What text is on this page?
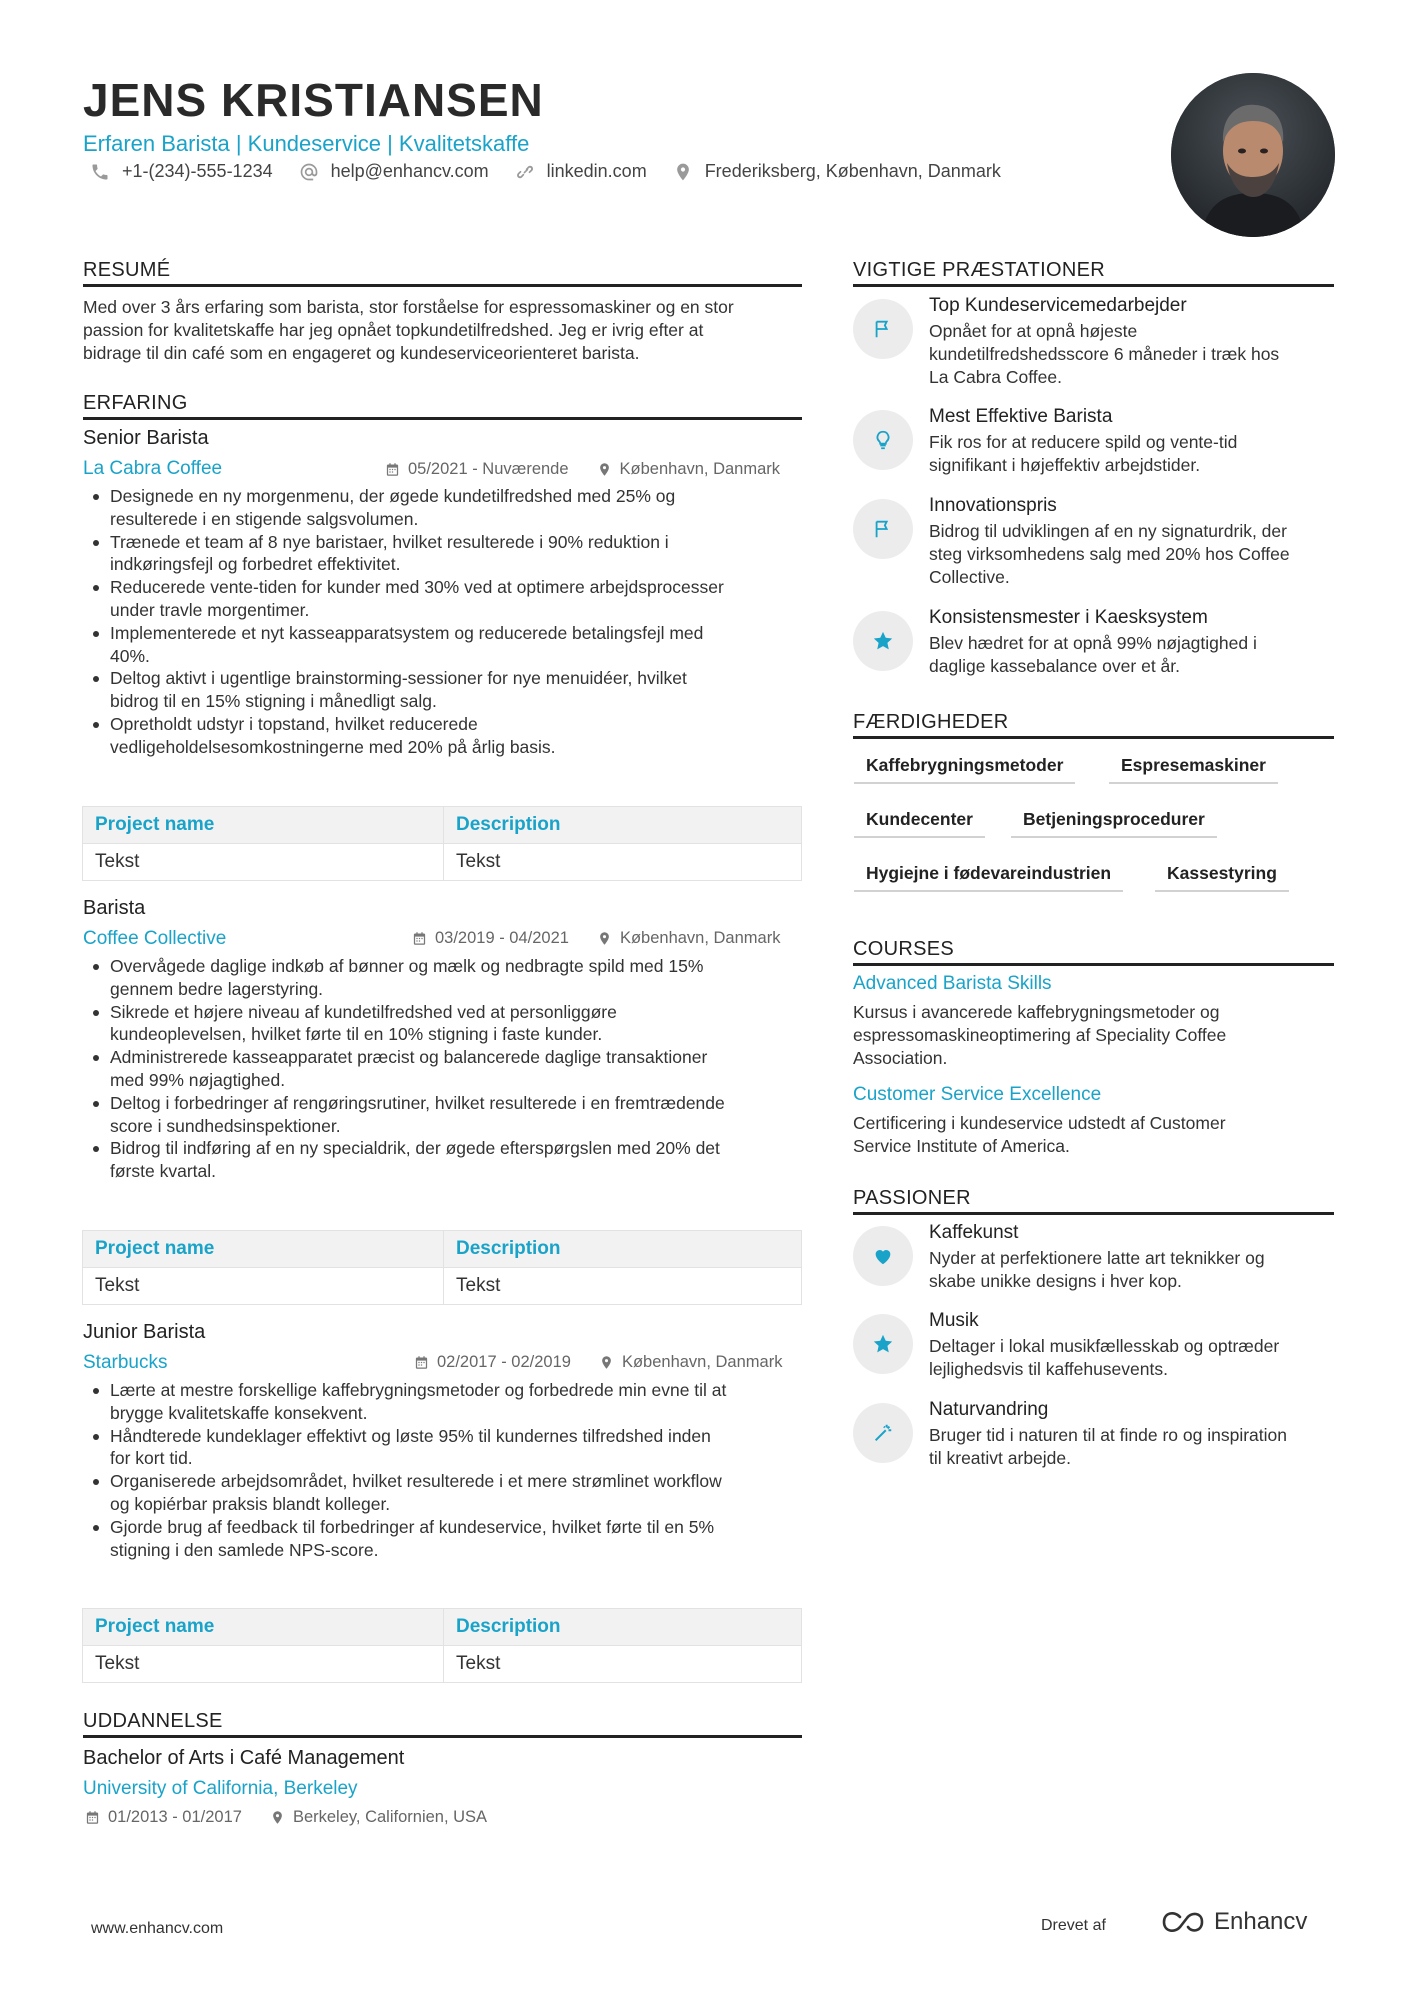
JENS KRISTIANSEN
Erfaren Barista | Kundeservice | Kvalitetskaffe
+1-(234)-555-1234	help@enhancv.com	linkedin.com	Frederiksberg, København, Danmark
RESUMÉ
Med over 3 års erfaring som barista, stor forståelse for espressomaskiner og en stor
passion for kvalitetskaffe har jeg opnået topkundetilfredshed. Jeg er ivrig efter at
bidrage til din café som en engageret og kundeserviceorienteret barista.
ERFARING
Senior Barista
La Cabra Coffee	05/2021 - Nuværende	København, Danmark
Designede en ny morgenmenu, der øgede kundetilfredshed med 25% og
resulterede i en stigende salgsvolumen.
Trænede et team af 8 nye baristaer, hvilket resulterede i 90% reduktion i
indkøringsfejl og forbedret effektivitet.
Reducerede vente-tiden for kunder med 30% ved at optimere arbejdsprocesser
under travle morgentimer.
Implementerede et nyt kasseapparatsystem og reducerede betalingsfejl med
40%.
Deltog aktivt i ugentlige brainstorming-sessioner for nye menuidéer, hvilket
bidrog til en 15% stigning i månedligt salg.
Opretholdt udstyr i topstand, hvilket reducerede
vedligeholdelsesomkostningerne med 20% på årlig basis.
Project name	Description
Tekst	Tekst
Barista
Coffee Collective	03/2019 - 04/2021	København, Danmark
Overvågede daglige indkøb af bønner og mælk og nedbragte spild med 15%
gennem bedre lagerstyring.
Sikrede et højere niveau af kundetilfredshed ved at personliggøre
kundeoplevelsen, hvilket førte til en 10% stigning i faste kunder.
Administrerede kasseapparatet præcist og balancerede daglige transaktioner
med 99% nøjagtighed.
Deltog i forbedringer af rengøringsrutiner, hvilket resulterede i en fremtrædende
score i sundhedsinspektioner.
Bidrog til indføring af en ny specialdrik, der øgede efterspørgslen med 20% det
første kvartal.
Project name	Description
Tekst	Tekst
Junior Barista
Starbucks	02/2017 - 02/2019	København, Danmark
Lærte at mestre forskellige kaffebrygningsmetoder og forbedrede min evne til at
brygge kvalitetskaffe konsekvent.
Håndterede kundeklager effektivt og løste 95% til kundernes tilfredshed inden
for kort tid.
Organiserede arbejdsområdet, hvilket resulterede i et mere strømlinet workflow
og kopiérbar praksis blandt kolleger.
Gjorde brug af feedback til forbedringer af kundeservice, hvilket førte til en 5%
stigning i den samlede NPS-score.
Project name	Description
Tekst	Tekst
UDDANNELSE
Bachelor of Arts i Café Management
University of California, Berkeley
01/2013 - 01/2017	Berkeley, Californien, USA
VIGTIGE PRÆSTATIONER
Top Kundeservicemedarbejder
Opnået for at opnå højeste
kundetilfredshedsscore 6 måneder i træk hos
La Cabra Coffee.
Mest Effektive Barista
Fik ros for at reducere spild og vente-tid
signifikant i højeffektiv arbejdstider.
Innovationspris
Bidrog til udviklingen af en ny signaturdrik, der
steg virksomhedens salg med 20% hos Coffee
Collective.
Konsistensmester i Kaesksystem
Blev hædret for at opnå 99% nøjagtighed i
daglige kassebalance over et år.
FÆRDIGHEDER
Kaffebrygningsmetoder	Espresemaskiner
Kundecenter	Betjeningsprocedurer
Hygiejne i fødevareindustrien	Kassestyring
COURSES
Advanced Barista Skills
Kursus i avancerede kaffebrygningsmetoder og
espressomaskineoptimering af Speciality Coffee
Association.
Customer Service Excellence
Certificering i kundeservice udstedt af Customer
Service Institute of America.
PASSIONER
Kaffekunst
Nyder at perfektionere latte art teknikker og
skabe unikke designs i hver kop.
Musik
Deltager i lokal musikfællesskab og optræder
lejlighedsvis til kaffehusevents.
Naturvandring
Bruger tid i naturen til at finde ro og inspiration
til kreativt arbejde.
www.enhancv.com	Drevet af	Enhancv
